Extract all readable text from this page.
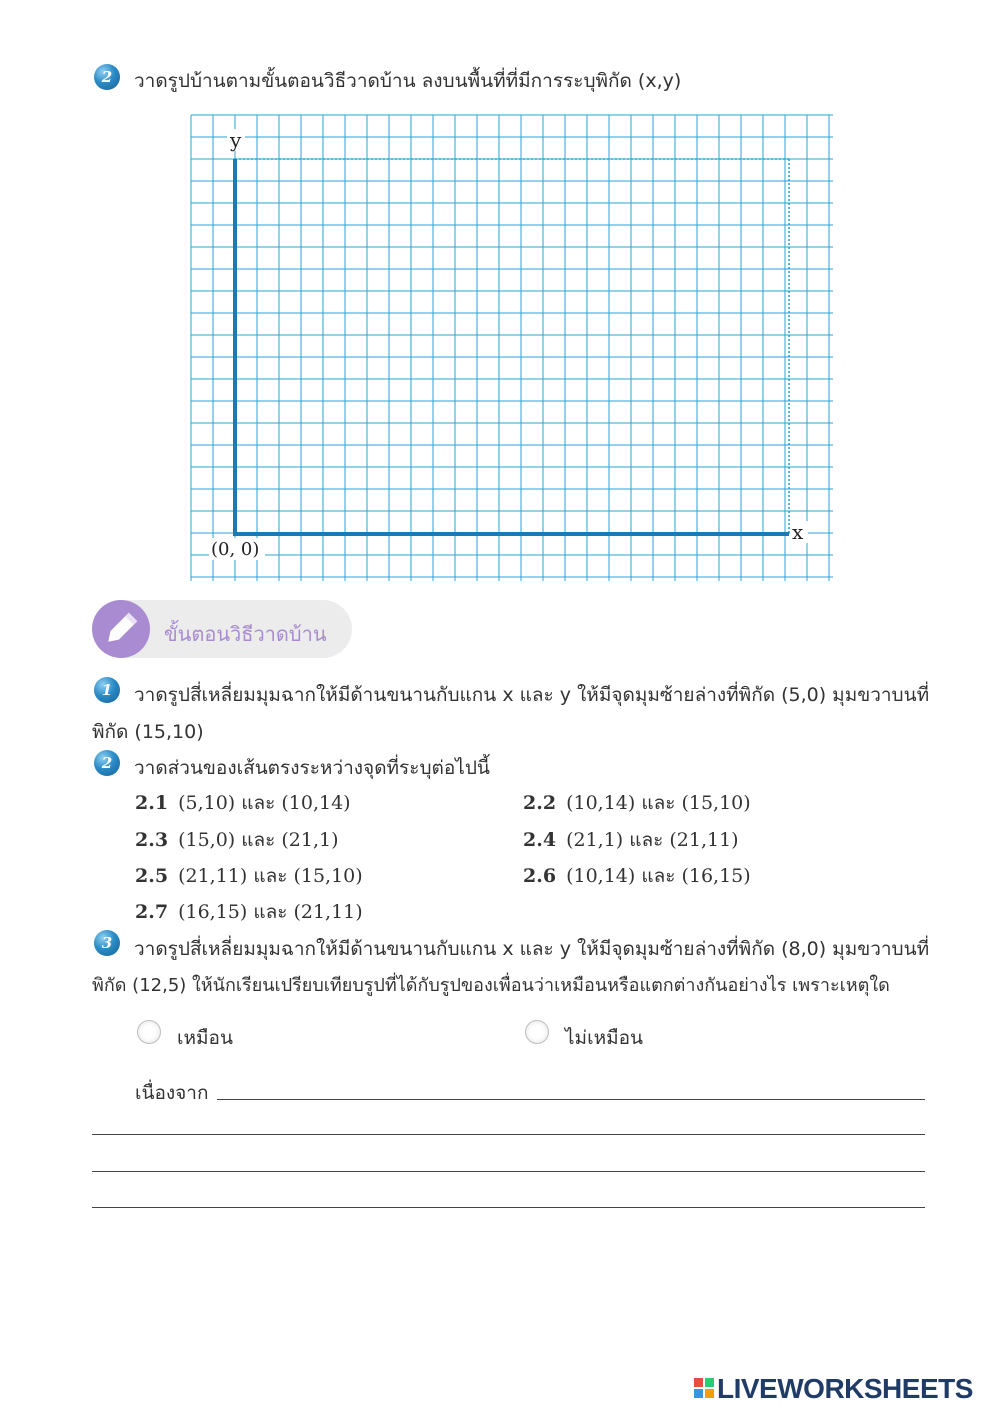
2	วาดรูปบ้านตามขั้นตอนวิธีวาดบ้าน ลงบนพื้นที่ที่มีการระบุพิกัด (x,y)
y
x
(0, 0)
ขั้นตอนวิธีวาดบ้าน
1	วาดรูปสี่เหลี่ยมมุมฉากให้มีด้านขนานกับแกน x และ y ให้มีจุดมุมซ้ายล่างที่พิกัด (5,0) มุมขวาบนที่
พิกัด (15,10)
2	วาดส่วนของเส้นตรงระหว่างจุดที่ระบุต่อไปนี้
2.1 (5,10) และ (10,14)	2.2 (10,14) และ (15,10)
2.3 (15,0) และ (21,1)	2.4 (21,1) และ (21,11)
2.5 (21,11) และ (15,10)	2.6 (10,14) และ (16,15)
2.7 (16,15) และ (21,11)
3	วาดรูปสี่เหลี่ยมมุมฉากให้มีด้านขนานกับแกน x และ y ให้มีจุดมุมซ้ายล่างที่พิกัด (8,0) มุมขวาบนที่
พิกัด (12,5) ให้นักเรียนเปรียบเทียบรูปที่ได้กับรูปของเพื่อนว่าเหมือนหรือแตกต่างกันอย่างไร เพราะเหตุใด
เหมือน	ไม่เหมือน
เนื่องจาก
LIVEWORKSHEETS
